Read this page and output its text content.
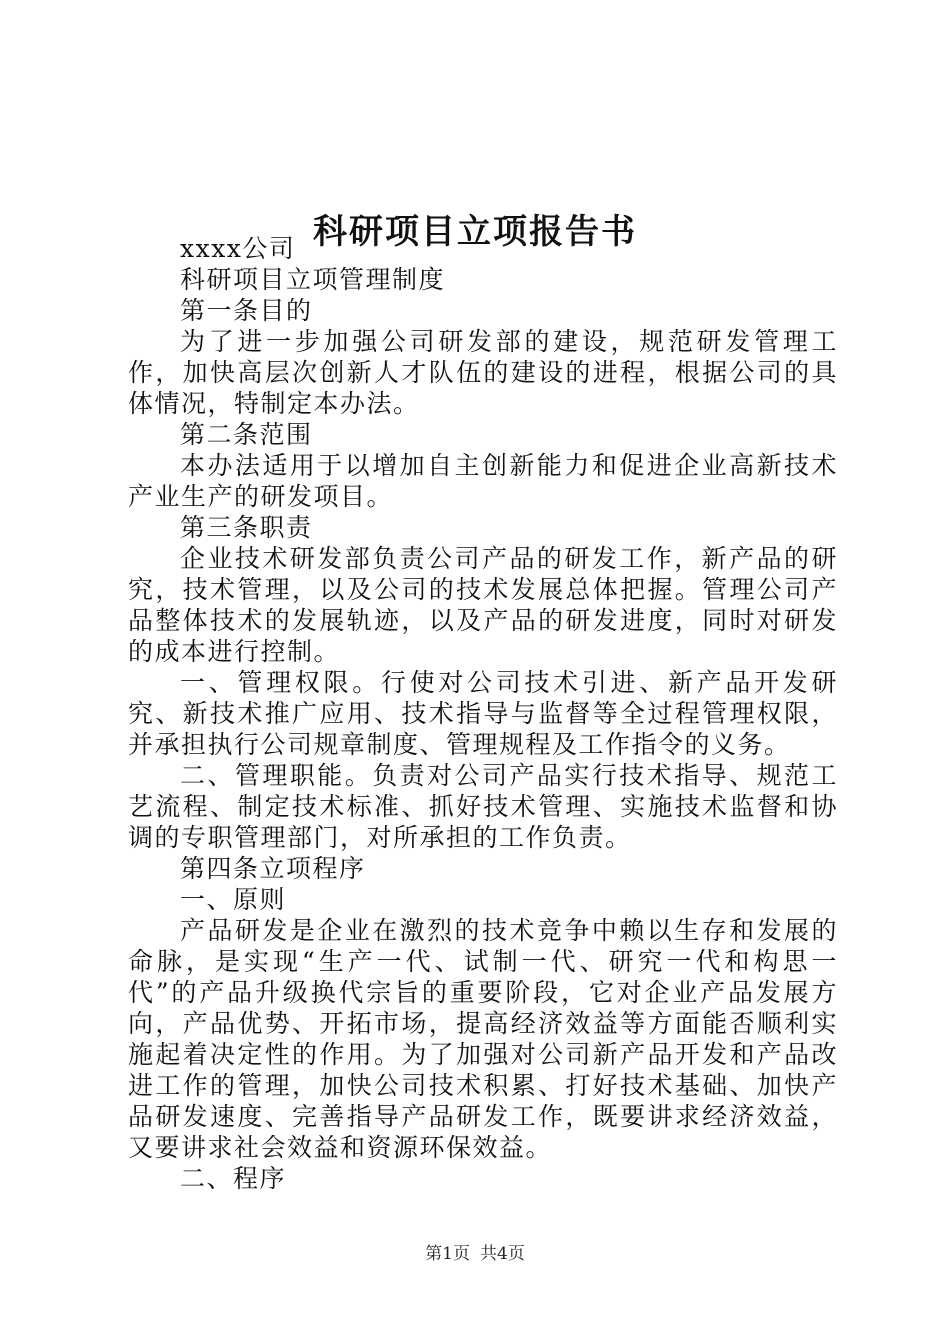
科研项目立项报告书

xxxx公司

科研项目立项管理制度

第一条目的

为了进一步加强公司研发部的建设，规范研发管理工作，加快高层次创新人才队伍的建设的进程，根据公司的具体情况，特制定本办法。

第二条范围

本办法适用于以增加自主创新能力和促进企业高新技术产业生产的研发项目。

第三条职责

企业技术研发部负责公司产品的研发工作，新产品的研究，技术管理，以及公司的技术发展总体把握。管理公司产品整体技术的发展轨迹，以及产品的研发进度，同时对研发的成本进行控制。

一、管理权限。行使对公司技术引进、新产品开发研究、新技术推广应用、技术指导与监督等全过程管理权限，并承担执行公司规章制度、管理规程及工作指令的义务。

二、管理职能。负责对公司产品实行技术指导、规范工艺流程、制定技术标准、抓好技术管理、实施技术监督和协调的专职管理部门，对所承担的工作负责。

第四条立项程序

一、原则

产品研发是企业在激烈的技术竞争中赖以生存和发展的命脉，是实现“生产一代、试制一代、研究一代和构思一代”的产品升级换代宗旨的重要阶段，它对企业产品发展方向，产品优势、开拓市场，提高经济效益等方面能否顺利实施起着决定性的作用。为了加强对公司新产品开发和产品改进工作的管理，加快公司技术积累、打好技术基础、加快产品研发速度、完善指导产品研发工作，既要讲求经济效益，又要讲求社会效益和资源环保效益。

二、程序

第1页 共4页
